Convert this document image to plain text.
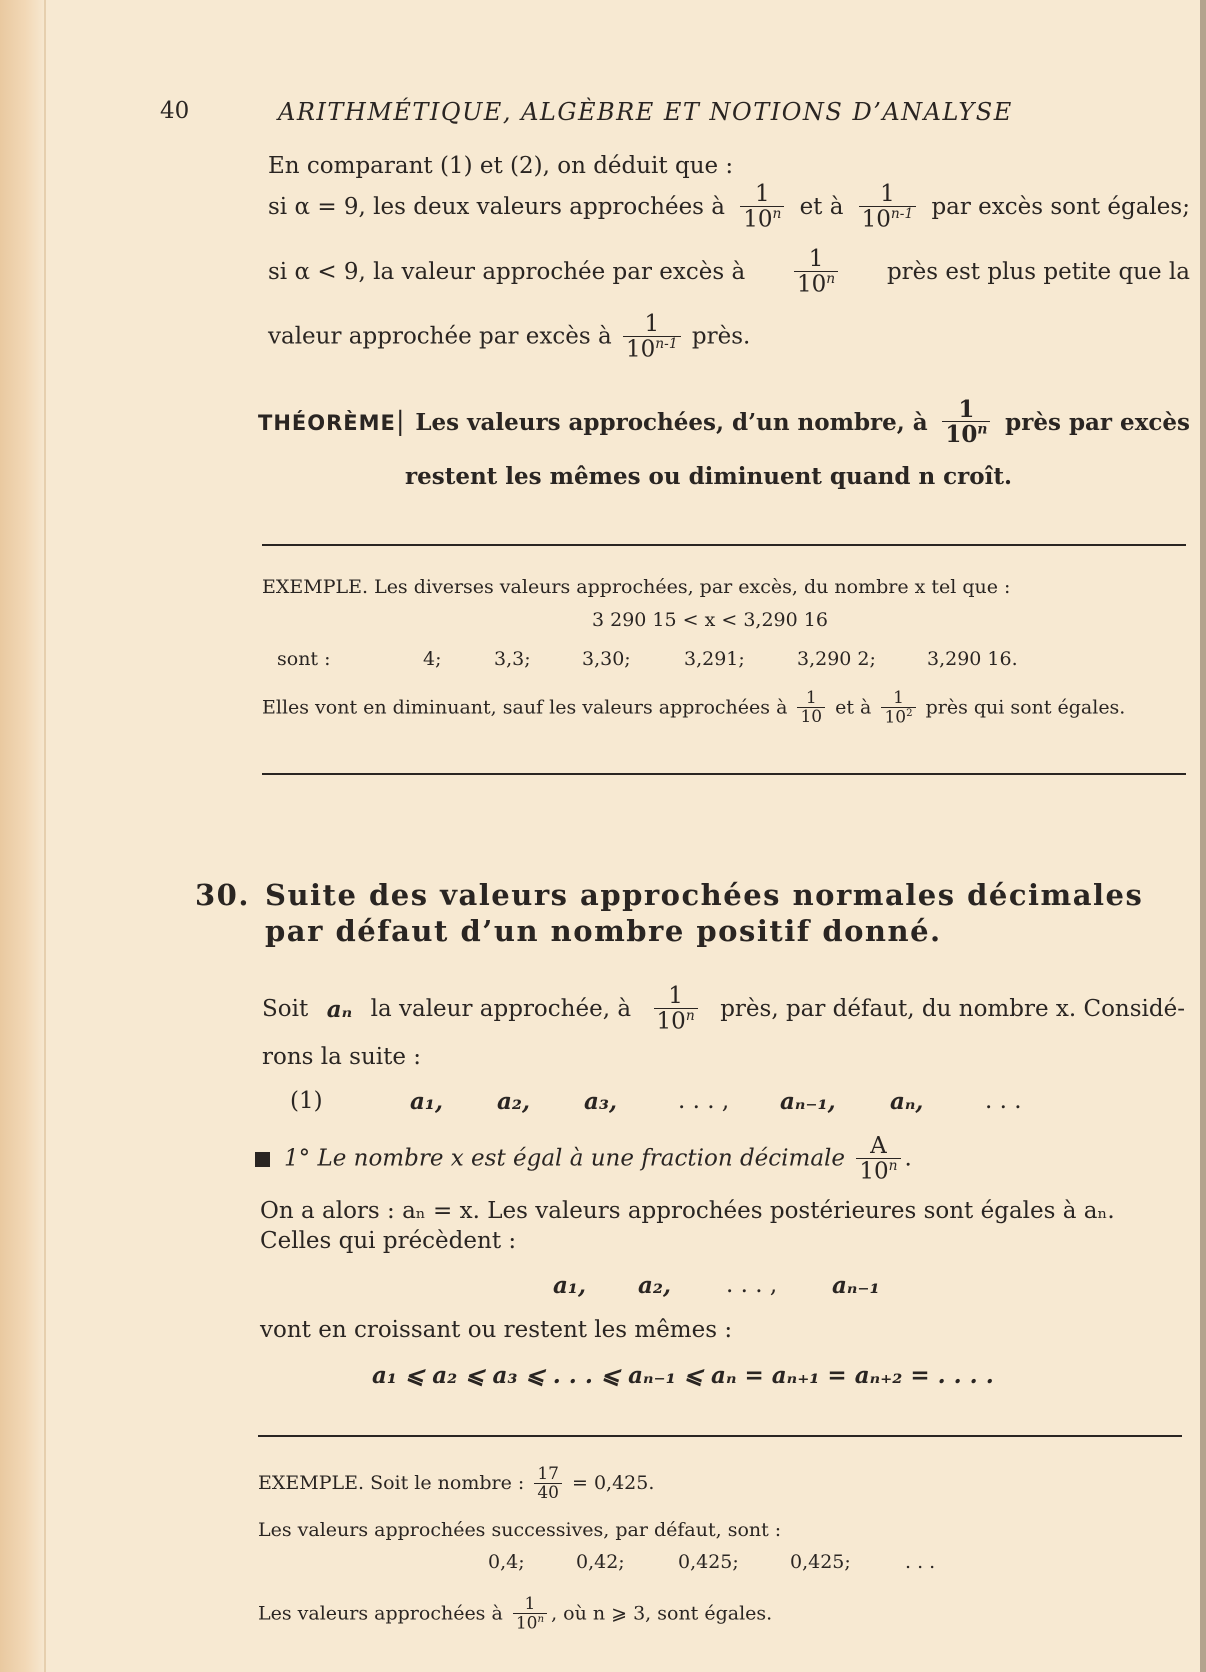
40	ARITHMÉTIQUE, ALGÈBRE ET NOTIONS D’ANALYSE
En comparant (1) et (2), on déduit que :
si α = 9, les deux valeurs approchées à $\frac{1}{10^n}$ et à $\frac{1}{10^{n-1}}$ par excès sont égales;
si α < 9, la valeur approchée par excès à $\frac{1}{10^n}$ près est plus petite que la
valeur approchée par excès à $\frac{1}{10^{n-1}}$ près.
THÉORÈME| Les valeurs approchées, d’un nombre, à $\frac{1}{10^n}$ près par excès
restent les mêmes ou diminuent quand n croît.
EXEMPLE. Les diverses valeurs approchées, par excès, du nombre x tel que :
3 290 15 < x < 3,290 16
sont :	4;	3,3;	3,30;	3,291;	3,290 2;	3,290 16.
Elles vont en diminuant, sauf les valeurs approchées à $\frac{1}{10}$ et à $\frac{1}{10^2}$ près qui sont égales.
30. Suite des valeurs approchées normales décimales
par défaut d’un nombre positif donné.
Soit aₙ la valeur approchée, à $\frac{1}{10^n}$ près, par défaut, du nombre x. Considé-
rons la suite :
(1)	a₁, a₂, a₃,	. . . , aₙ₋₁, aₙ,	. . .
1° Le nombre x est égal à une fraction décimale $\frac{A}{10^n}$ .
On a alors : aₙ = x. Les valeurs approchées postérieures sont égales à aₙ.
Celles qui précèdent :
a₁, a₂, . . . , aₙ₋₁
vont en croissant ou restent les mêmes :
a₁ ⩽ a₂ ⩽ a₃ ⩽ . . . ⩽ aₙ₋₁ ⩽ aₙ = aₙ₊₁ = aₙ₊₂ = . . . .
EXEMPLE. Soit le nombre : $\frac{17}{40} = 0,425$.
Les valeurs approchées successives, par défaut, sont :
0,4;	0,42;	0,425;	0,425;	. . .
Les valeurs approchées à $\frac{1}{10^n}$ , où n ⩾ 3, sont égales.
